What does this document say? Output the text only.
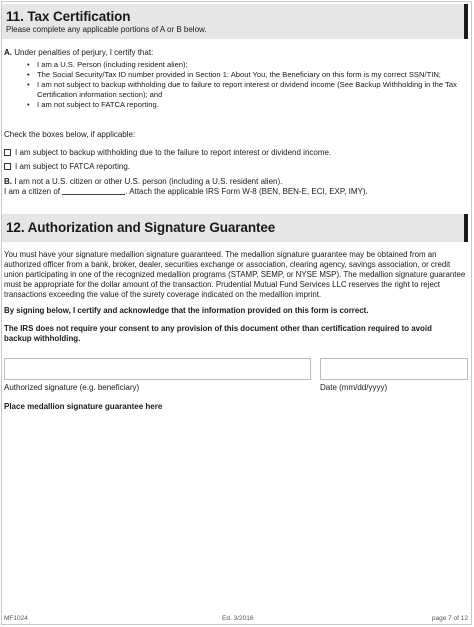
11. Tax Certification
Please complete any applicable portions of A or B below.
A. Under penalties of perjury, I certify that:
• I am a U.S. Person (including resident alien);
• The Social Security/Tax ID number provided in Section 1: About You, the Beneficiary on this form is my correct SSN/TIN;
• I am not subject to backup withholding due to failure to report interest or dividend income (See Backup Withholding in the Tax Certification information section); and
• I am not subject to FATCA reporting.
Check the boxes below, if applicable:
I am subject to backup withholding due to the failure to report interest or dividend income.
I am subject to FATCA reporting.
B. I am not a U.S. citizen or other U.S. person (including a U.S. resident alien).
I am a citizen of	. Attach the applicable IRS Form W-8 (BEN, BEN-E, ECI, EXP, IMY).
12. Authorization and Signature Guarantee
You must have your signature medallion signature guaranteed. The medallion signature guarantee may be obtained from an authorized officer from a bank, broker, dealer, securities exchange or association, clearing agency, savings association, or credit union participating in one of the recognized medallion programs (STAMP, SEMP, or NYSE MSP). The medallion signature guarantee must be appropriate for the dollar amount of the transaction. Prudential Mutual Fund Services LLC reserves the right to reject transactions exceeding the value of the surety coverage indicated on the medallion imprint.
By signing below, I certify and acknowledge that the information provided on this form is correct.
The IRS does not require your consent to any provision of this document other than certification required to avoid backup withholding.
Authorized signature (e.g. beneficiary)	Date (mm/dd/yyyy)
Place medallion signature guarantee here
MF1024	Ed. 3/2016	page 7 of 12
